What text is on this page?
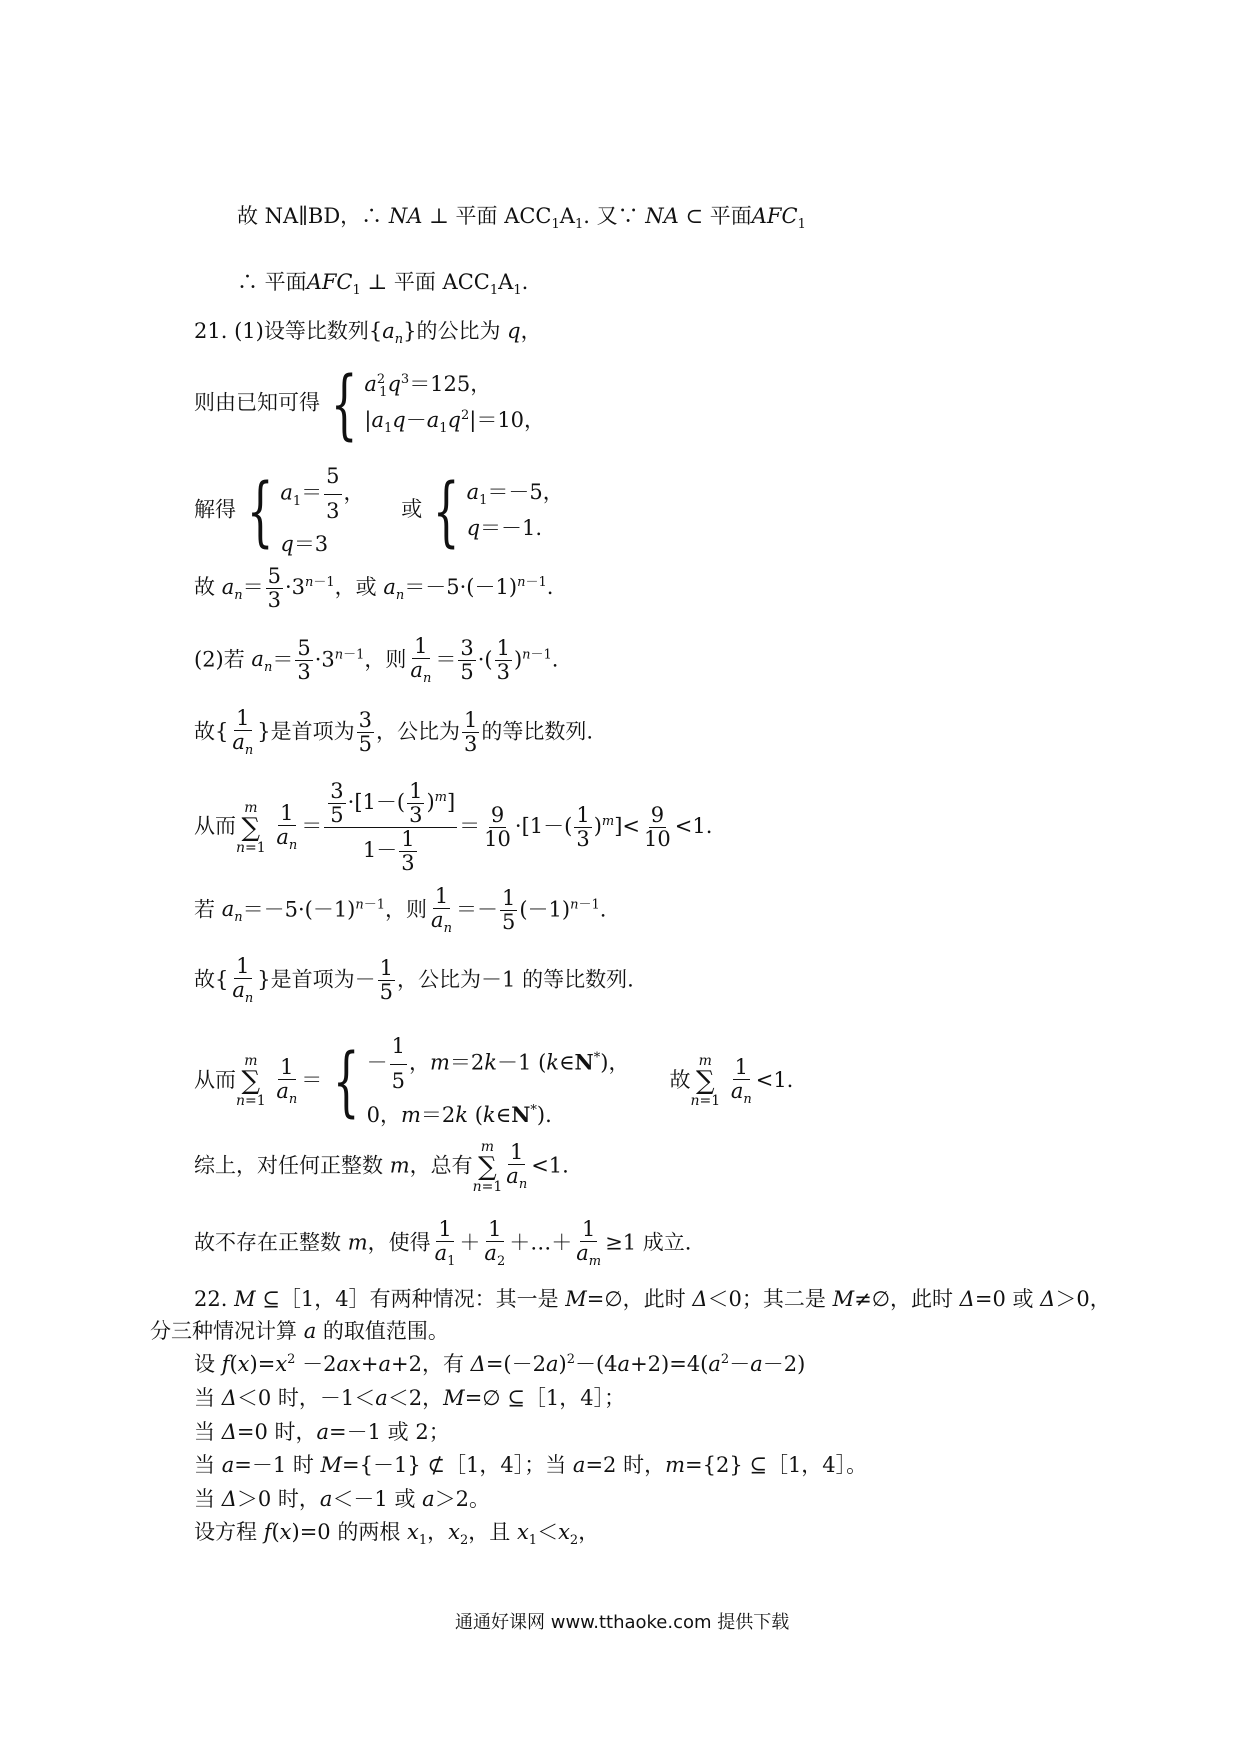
故 NA∥BD，∴ NA ⊥ 平面 $ACC_1A_1$. 又∵ NA ⊂ 平面$AFC_1$
∴ 平面$AFC_1$ ⊥ 平面 $ACC_1A_1$.
21. (1)设等比数列$\{a_n\}$的公比为 q，
则由已知可得 { $a^2_1q^3=125$，
$|a_1q-a_1q^2|=10$，
解得 { $a_1= \frac{5}{3}$ ，
q＝3
或 { $a_1=-5$，
q＝－1.
故 $a_n= \frac{5}{3} \cdot 3^{n-1}$，或 $a_n=-5\cdot(-1)^{n-1}$.
(2)若 $a_n= \frac{5}{3} \cdot 3^{n-1}$，则 $\frac{1}{a_n} = \frac{3}{5}$ ·( $\frac{1}{3} )^{n-1}$.
故{ $\frac{1}{a_n}$ }是首项为 $\frac{3}{5}$ ，公比为 $\frac{1}{3}$ 的等比数列.
从而
m
∑
n=1
$\frac{1}{a_n} = \frac{\frac{3}{5} \cdot[1-( \frac{1}{3} )^m]}{1- \frac{1}{3}} = \frac{9}{10} \cdot[1-( \frac{1}{3} )^m]< \frac{9}{10} <1$.
若 $a_n=-5\cdot(-1)^{n-1}$，则 $\frac{1}{a_n} =- \frac{1}{5} (-1)^{n-1}$.
故{ $\frac{1}{a_n}$ }是首项为－ $\frac{1}{5}$ ，公比为－1 的等比数列.
从而
m
∑
n=1
$\frac{1}{a_n}$ ＝ { － $\frac{1}{5}$ ，m＝2k－1 (k∈N*)，
0，m＝2k (k∈N*).
故
m
∑
n=1
$\frac{1}{a_n} <1$.
综上，对任何正整数 m，总有
m
∑
$n=1 \frac{1}{a_n} <1$.
故不存在正整数 m，使得 $\frac{1}{a_1} + \frac{1}{a_2}$ ＋…＋ $\frac{1}{a_m} \ge 1$ 成立.
22. M ⊆［1，4］有两种情况：其一是 M=∅，此时 Δ＜0；其二是 M≠∅，此时 Δ=0 或 Δ＞0，
分三种情况计算 a 的取值范围。
设 $f(x)=x^2 -2ax+a+2$，有 $\Delta=(-2a)^2-(4a+2)=4(a^2-a-2)$
当 Δ＜0 时，－1＜a＜2，M=∅ ⊆［1，4］；
当 Δ=0 时，a=－1 或 2；
当 a=－1 时 M={－1} ⊄［1，4］；当 a=2 时，m={2} ⊆［1，4］。
当 Δ＞0 时，a＜－1 或 a＞2。
设方程 f(x)=0 的两根 $x_1$，$x_2$，且 $x_1<x_2$，
通通好课网 www.tthaoke.com 提供下载
